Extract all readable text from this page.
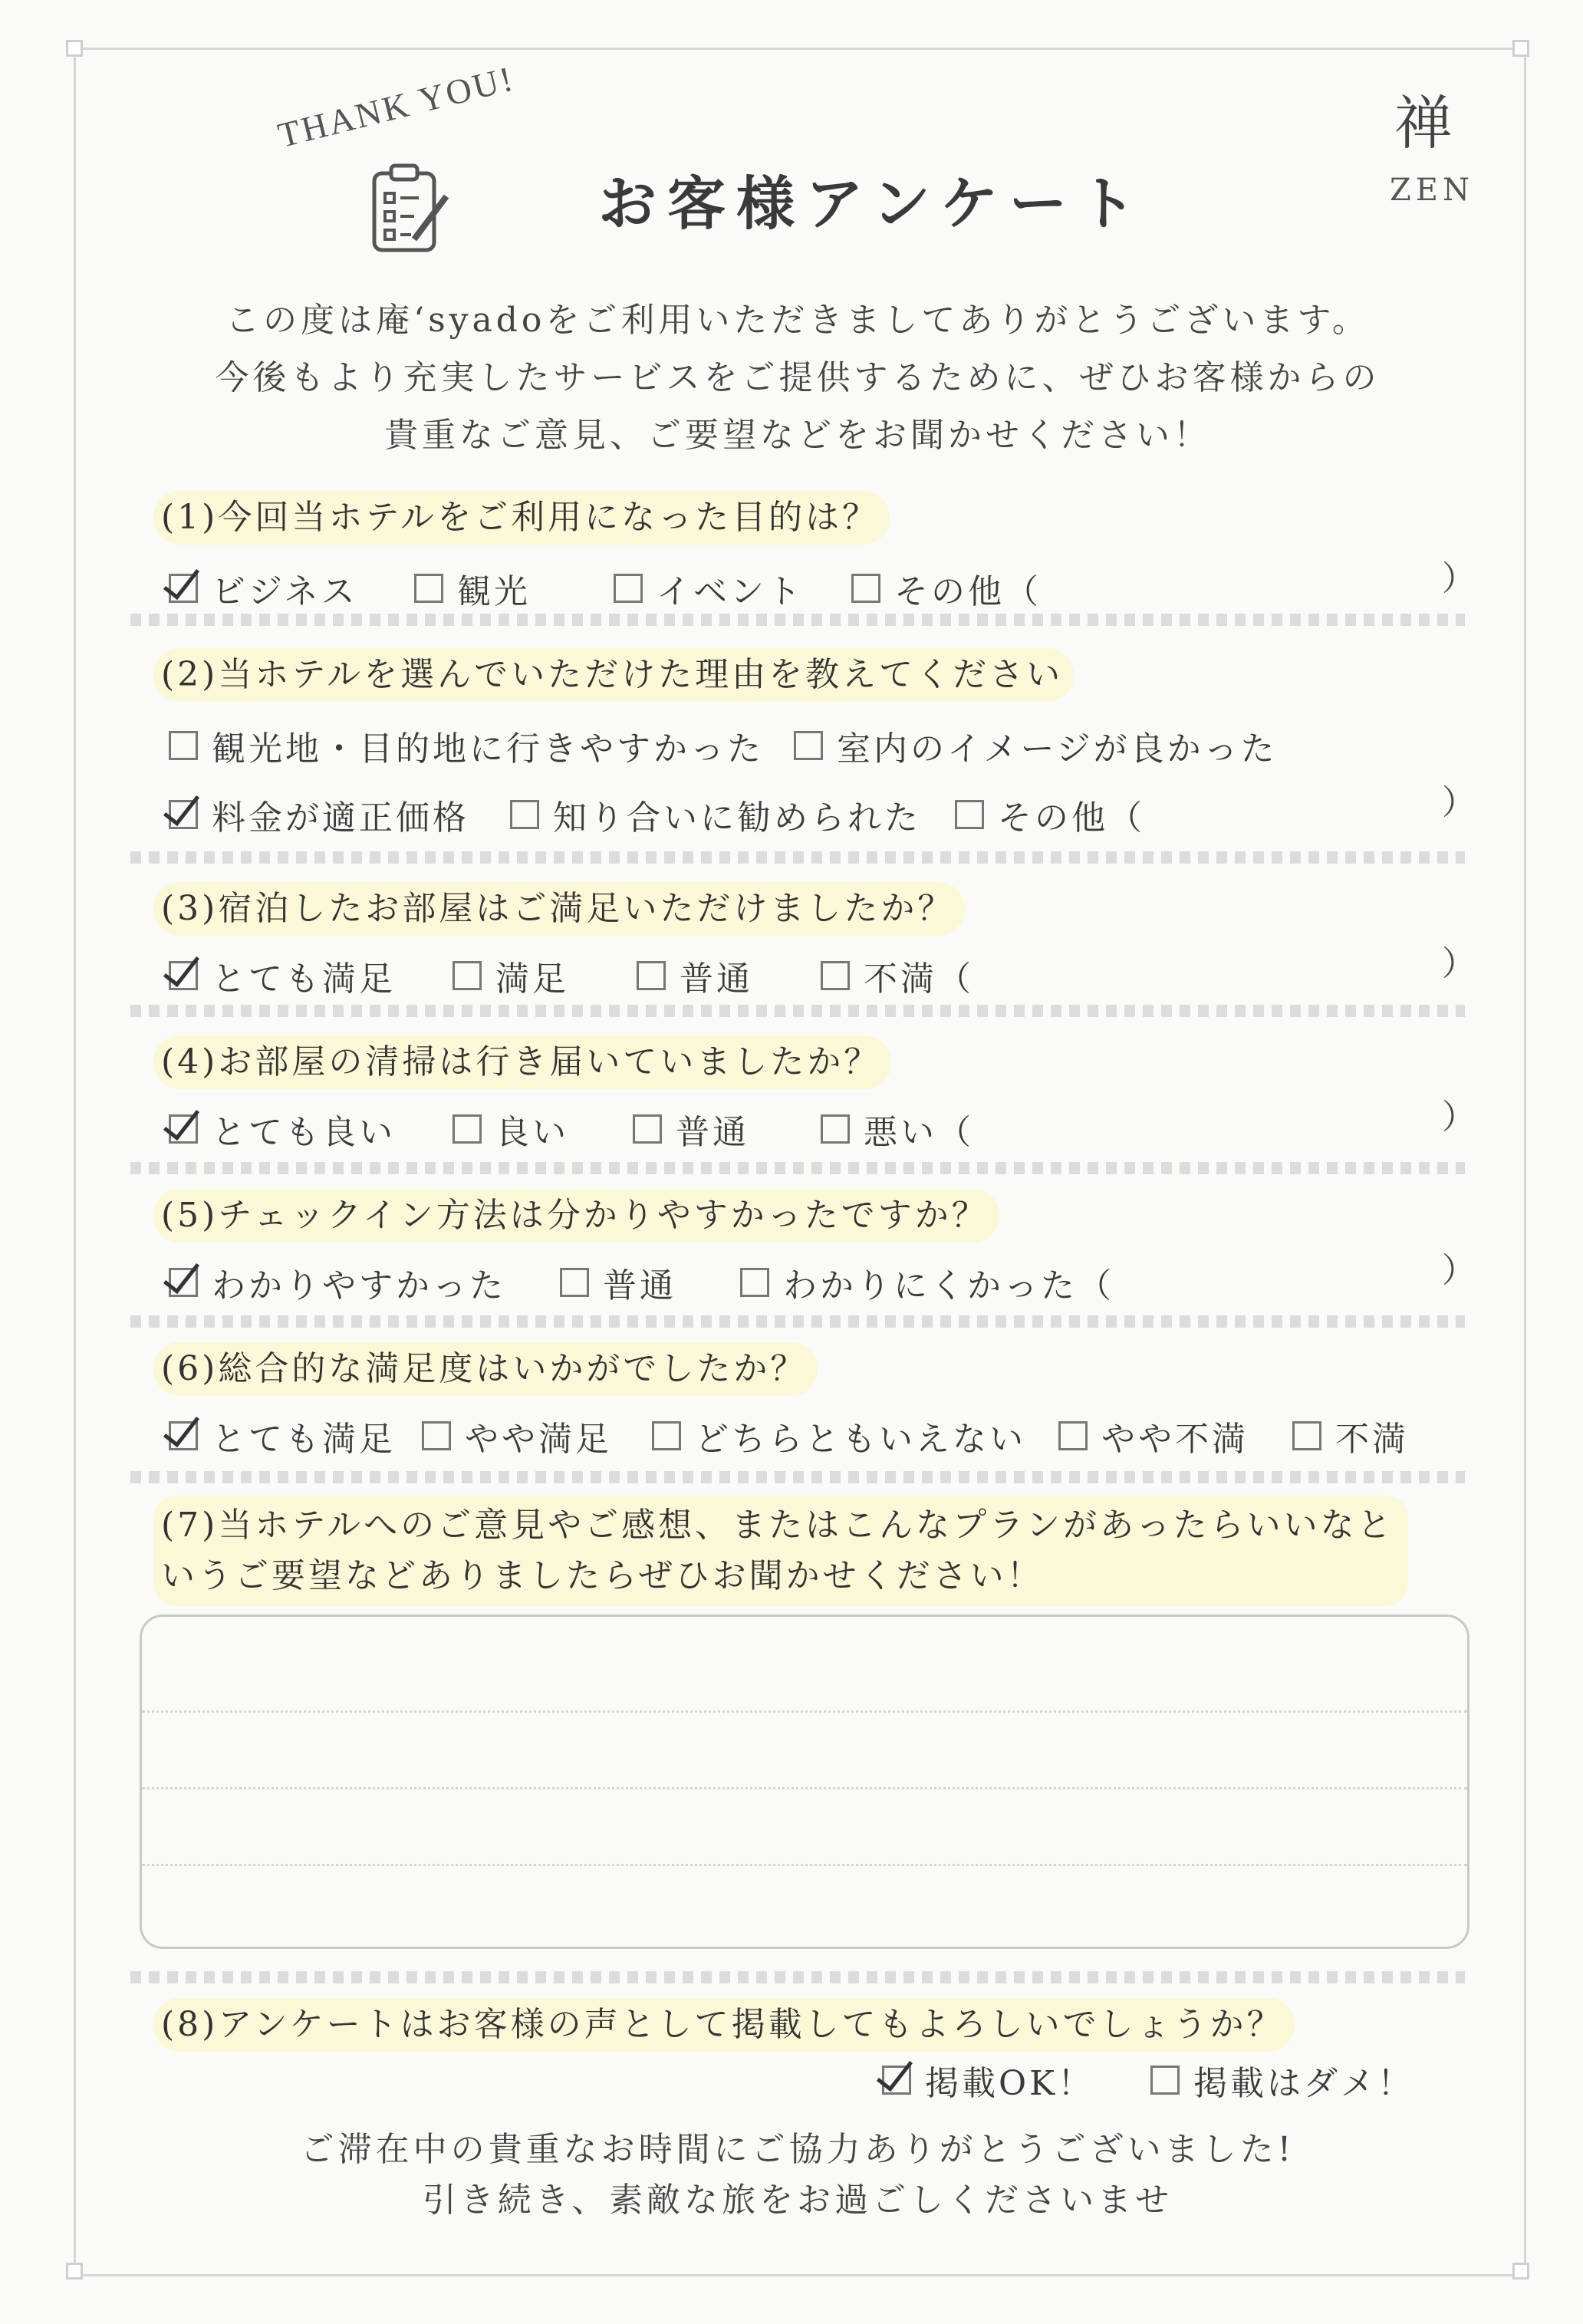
THANK YOU!
お客様アンケート
禅
ZEN
この度は庵‘syadoをご利用いただきましてありがとうございます。
今後もより充実したサービスをご提供するために、ぜひお客様からの
貴重なご意見、ご要望などをお聞かせください！
(1)今回当ホテルをご利用になった目的は？
ビジネス	観光	イベント	その他（	）
(2)当ホテルを選んでいただけた理由を教えてください
観光地・目的地に行きやすかった 室内のイメージが良かった
料金が適正価格 知り合いに勧められた その他（	）
(3)宿泊したお部屋はご満足いただけましたか？
とても満足	満足	普通	不満（	）
(4)お部屋の清掃は行き届いていましたか？
とても良い	良い	普通	悪い（	）
(5)チェックイン方法は分かりやすかったですか？
わかりやすかった	普通	わかりにくかった（	）
(6)総合的な満足度はいかがでしたか？
とても満足 やや満足 どちらともいえない やや不満	不満
(7)当ホテルへのご意見やご感想、またはこんなプランがあったらいいなと
いうご要望などありましたらぜひお聞かせください！
(8)アンケートはお客様の声として掲載してもよろしいでしょうか？
掲載OK！	掲載はダメ！
ご滞在中の貴重なお時間にご協力ありがとうございました!
引き続き、素敵な旅をお過ごしくださいませ
